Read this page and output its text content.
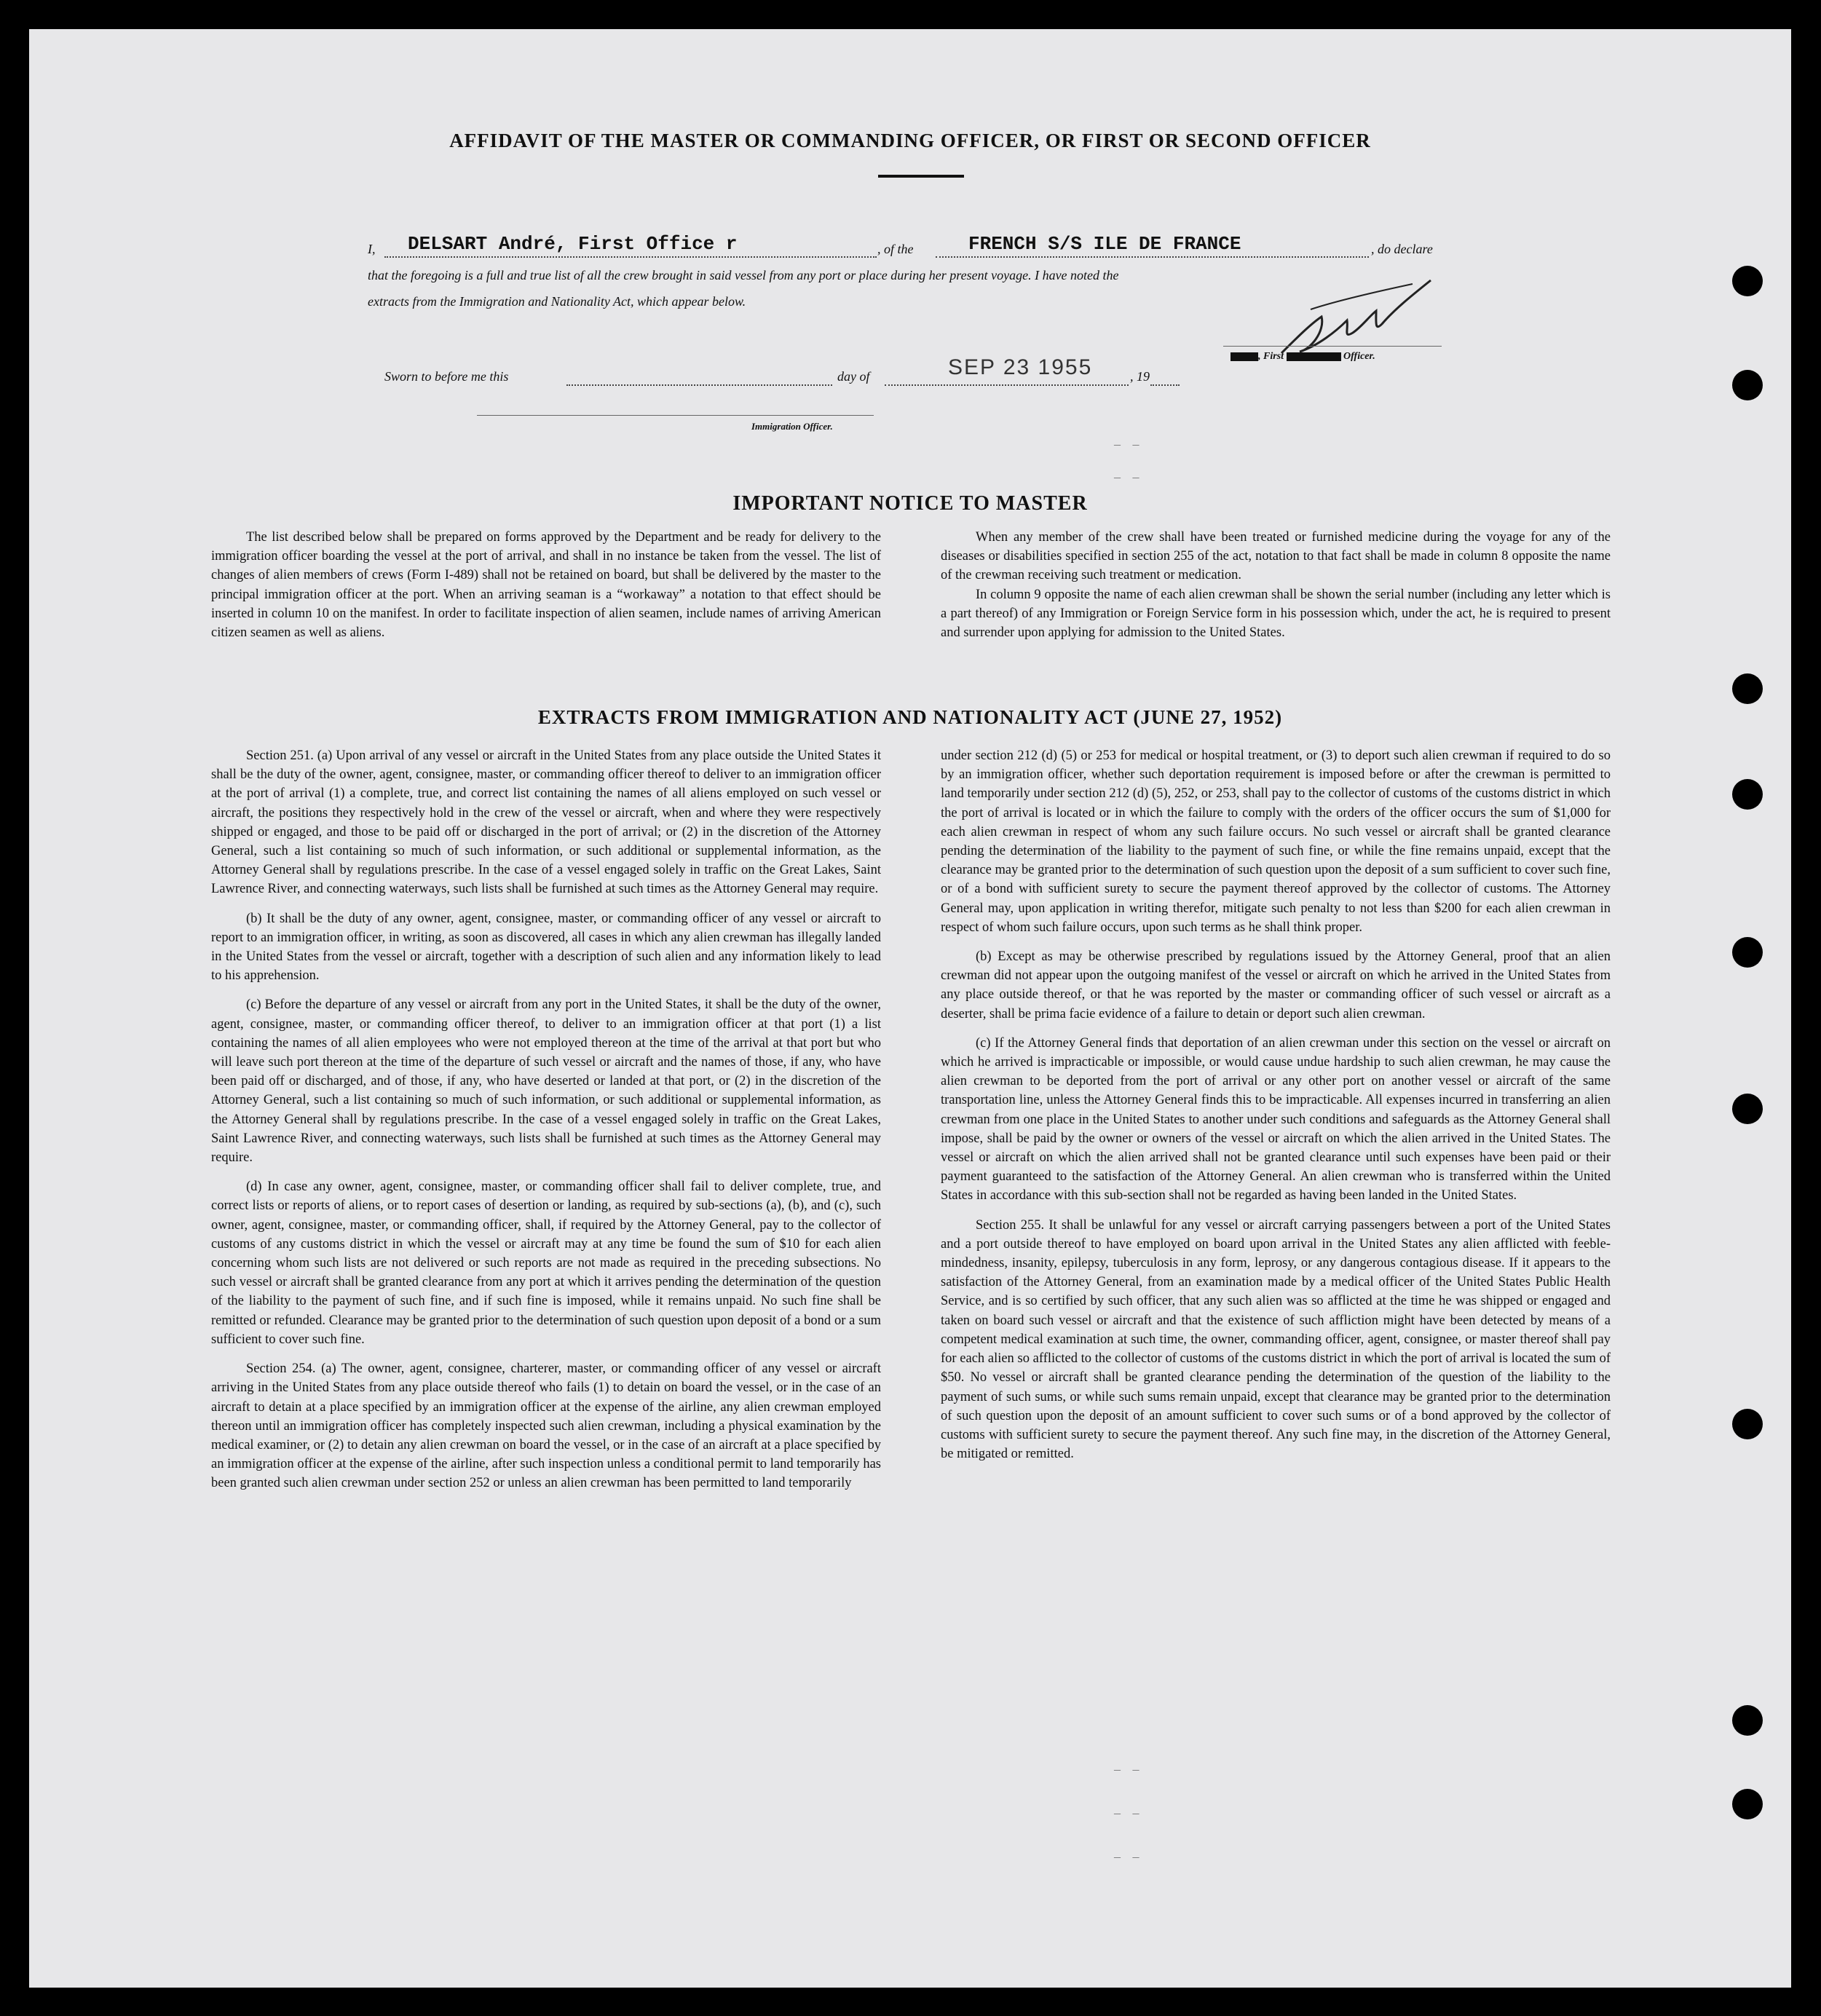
AFFIDAVIT OF THE MASTER OR COMMANDING OFFICER, OR FIRST OR SECOND OFFICER
I, DELSART André, First Office r	, of the	FRENCH S/S ILE DE FRANCE	, do declare
that the foregoing is a full and true list of all the crew brought in said vessel from any port or place during her present voyage. I have noted the
extracts from the Immigration and Nationality Act, which appear below.
, First	Officer.
Sworn to before me this	day of	SEP 23 1955	, 19
Immigration Officer.
– –
– –
– –
– –
– –
IMPORTANT NOTICE TO MASTER
The list described below shall be prepared on forms approved by the Department and be ready for delivery to the immigration officer boarding the vessel at the port of arrival, and shall in no instance be taken from the vessel. The list of changes of alien members of crews (Form I-489) shall not be retained on board, but shall be delivered by the master to the principal immigration officer at the port. When an arriving seaman is a “workaway” a notation to that effect should be inserted in column 10 on the manifest. In order to facilitate inspection of alien seamen, include names of arriving American citizen seamen as well as aliens.

When any member of the crew shall have been treated or furnished medicine during the voyage for any of the diseases or disabilities specified in section 255 of the act, notation to that fact shall be made in column 8 opposite the name of the crewman receiving such treatment or medication.

In column 9 opposite the name of each alien crewman shall be shown the serial number (including any letter which is a part thereof) of any Immigration or Foreign Service form in his possession which, under the act, he is required to present and surrender upon applying for admission to the United States.

EXTRACTS FROM IMMIGRATION AND NATIONALITY ACT (JUNE 27, 1952)

Section 251. (a) Upon arrival of any vessel or aircraft in the United States from any place outside the United States it shall be the duty of the owner, agent, consignee, master, or commanding officer thereof to deliver to an immigration officer at the port of arrival (1) a complete, true, and correct list containing the names of all aliens employed on such vessel or aircraft, the positions they respectively hold in the crew of the vessel or aircraft, when and where they were respectively shipped or engaged, and those to be paid off or discharged in the port of arrival; or (2) in the discretion of the Attorney General, such a list containing so much of such information, or such additional or supplemental information, as the Attorney General shall by regulations prescribe. In the case of a vessel engaged solely in traffic on the Great Lakes, Saint Lawrence River, and connecting waterways, such lists shall be furnished at such times as the Attorney General may require.

(b) It shall be the duty of any owner, agent, consignee, master, or commanding officer of any vessel or aircraft to report to an immigration officer, in writing, as soon as discovered, all cases in which any alien crewman has illegally landed in the United States from the vessel or aircraft, together with a description of such alien and any information likely to lead to his apprehension.

(c) Before the departure of any vessel or aircraft from any port in the United States, it shall be the duty of the owner, agent, consignee, master, or commanding officer thereof, to deliver to an immigration officer at that port (1) a list containing the names of all alien employees who were not employed thereon at the time of the arrival at that port but who will leave such port thereon at the time of the departure of such vessel or aircraft and the names of those, if any, who have been paid off or discharged, and of those, if any, who have deserted or landed at that port, or (2) in the discretion of the Attorney General, such a list containing so much of such information, or such additional or supplemental information, as the Attorney General shall by regulations prescribe. In the case of a vessel engaged solely in traffic on the Great Lakes, Saint Lawrence River, and connecting waterways, such lists shall be furnished at such times as the Attorney General may require.

(d) In case any owner, agent, consignee, master, or commanding officer shall fail to deliver complete, true, and correct lists or reports of aliens, or to report cases of desertion or landing, as required by sub-sections (a), (b), and (c), such owner, agent, consignee, master, or commanding officer, shall, if required by the Attorney General, pay to the collector of customs of any customs district in which the vessel or aircraft may at any time be found the sum of $10 for each alien concerning whom such lists are not delivered or such reports are not made as required in the preceding subsections. No such vessel or aircraft shall be granted clearance from any port at which it arrives pending the determination of the question of the liability to the payment of such fine, and if such fine is imposed, while it remains unpaid. No such fine shall be remitted or refunded. Clearance may be granted prior to the determination of such question upon deposit of a bond or a sum sufficient to cover such fine.

Section 254. (a) The owner, agent, consignee, charterer, master, or commanding officer of any vessel or aircraft arriving in the United States from any place outside thereof who fails (1) to detain on board the vessel, or in the case of an aircraft to detain at a place specified by an immigration officer at the expense of the airline, any alien crewman employed thereon until an immigration officer has completely inspected such alien crewman, including a physical examination by the medical examiner, or (2) to detain any alien crewman on board the vessel, or in the case of an aircraft at a place specified by an immigration officer at the expense of the airline, after such inspection unless a conditional permit to land temporarily has been granted such alien crewman under section 252 or unless an alien crewman has been permitted to land temporarily

under section 212 (d) (5) or 253 for medical or hospital treatment, or (3) to deport such alien crewman if required to do so by an immigration officer, whether such deportation requirement is imposed before or after the crewman is permitted to land temporarily under section 212 (d) (5), 252, or 253, shall pay to the collector of customs of the customs district in which the port of arrival is located or in which the failure to comply with the orders of the officer occurs the sum of $1,000 for each alien crewman in respect of whom any such failure occurs. No such vessel or aircraft shall be granted clearance pending the determination of the liability to the payment of such fine, or while the fine remains unpaid, except that the clearance may be granted prior to the determination of such question upon the deposit of a sum sufficient to cover such fine, or of a bond with sufficient surety to secure the payment thereof approved by the collector of customs. The Attorney General may, upon application in writing therefor, mitigate such penalty to not less than $200 for each alien crewman in respect of whom such failure occurs, upon such terms as he shall think proper.

(b) Except as may be otherwise prescribed by regulations issued by the Attorney General, proof that an alien crewman did not appear upon the outgoing manifest of the vessel or aircraft on which he arrived in the United States from any place outside thereof, or that he was reported by the master or commanding officer of such vessel or aircraft as a deserter, shall be prima facie evidence of a failure to detain or deport such alien crewman.

(c) If the Attorney General finds that deportation of an alien crewman under this section on the vessel or aircraft on which he arrived is impracticable or impossible, or would cause undue hardship to such alien crewman, he may cause the alien crewman to be deported from the port of arrival or any other port on another vessel or aircraft of the same transportation line, unless the Attorney General finds this to be impracticable. All expenses incurred in transferring an alien crewman from one place in the United States to another under such conditions and safeguards as the Attorney General shall impose, shall be paid by the owner or owners of the vessel or aircraft on which the alien arrived in the United States. The vessel or aircraft on which the alien arrived shall not be granted clearance until such expenses have been paid or their payment guaranteed to the satisfaction of the Attorney General. An alien crewman who is transferred within the United States in accordance with this sub-section shall not be regarded as having been landed in the United States.

Section 255. It shall be unlawful for any vessel or aircraft carrying passengers between a port of the United States and a port outside thereof to have employed on board upon arrival in the United States any alien afflicted with feeble-mindedness, insanity, epilepsy, tuberculosis in any form, leprosy, or any dangerous contagious disease. If it appears to the satisfaction of the Attorney General, from an examination made by a medical officer of the United States Public Health Service, and is so certified by such officer, that any such alien was so afflicted at the time he was shipped or engaged and taken on board such vessel or aircraft and that the existence of such affliction might have been detected by means of a competent medical examination at such time, the owner, commanding officer, agent, consignee, or master thereof shall pay for each alien so afflicted to the collector of customs of the customs district in which the port of arrival is located the sum of $50. No vessel or aircraft shall be granted clearance pending the determination of the question of the liability to the payment of such sums, or while such sums remain unpaid, except that clearance may be granted prior to the determination of such question upon the deposit of an amount sufficient to cover such sums or of a bond approved by the collector of customs with sufficient surety to secure the payment thereof. Any such fine may, in the discretion of the Attorney General, be mitigated or remitted.
